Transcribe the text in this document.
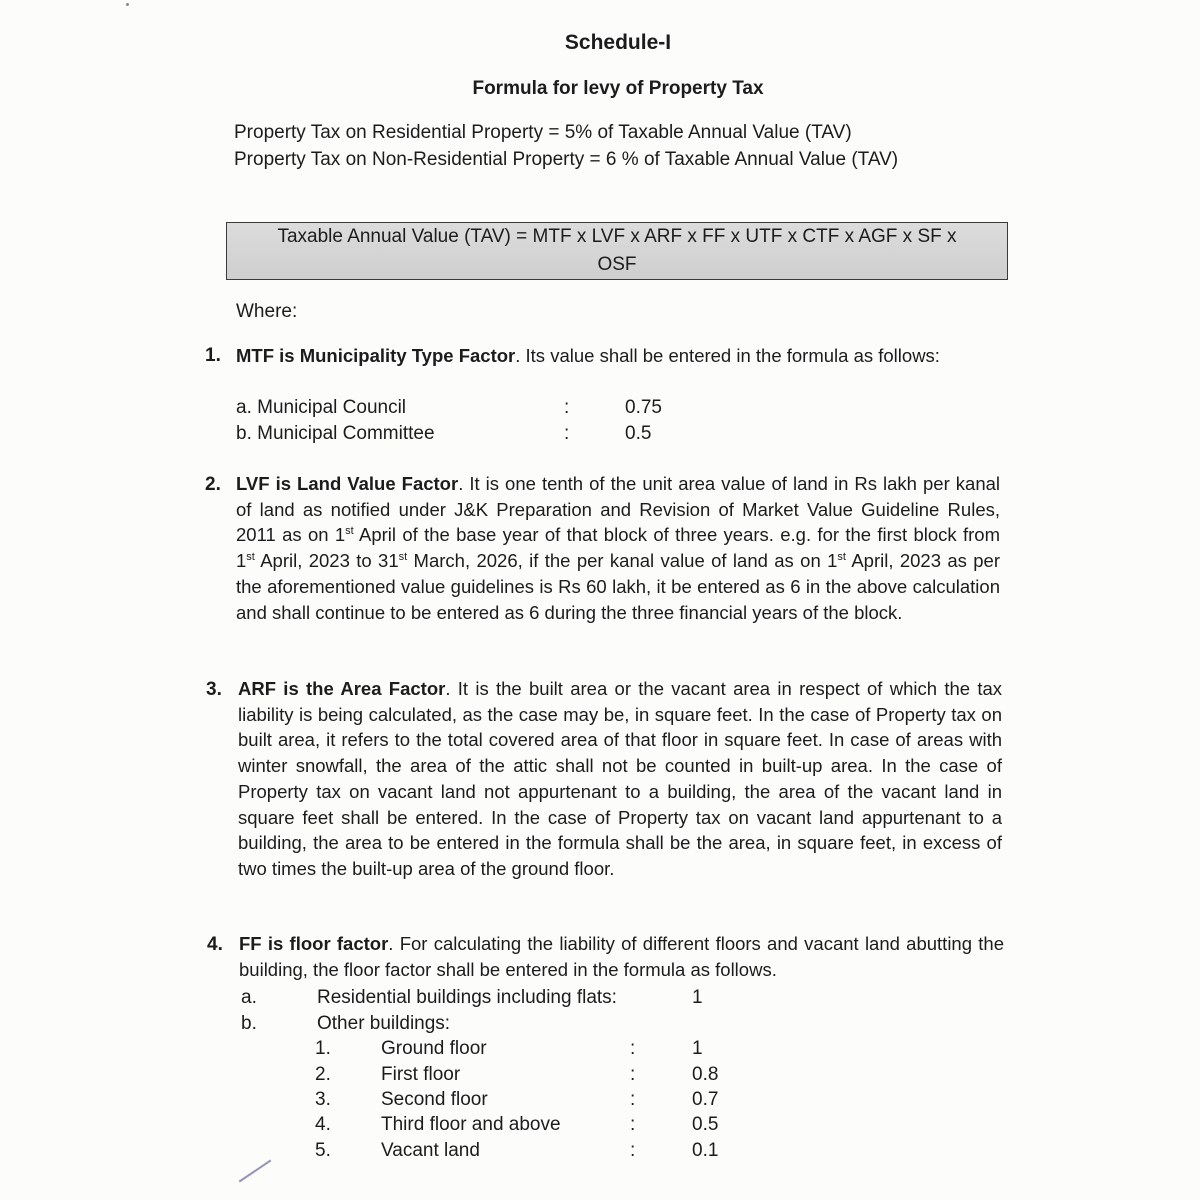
Schedule-I
Formula for levy of Property Tax
Property Tax on Residential Property = 5% of Taxable Annual Value (TAV)
Property Tax on Non-Residential Property = 6 % of Taxable Annual Value (TAV)
Taxable Annual Value (TAV) = MTF x LVF x ARF x FF x UTF x CTF x AGF x SF x
OSF
Where:
1. MTF is Municipality Type Factor. Its value shall be entered in the formula as follows:
a. Municipal Council	:	0.75
b. Municipal Committee	:	0.5
2. LVF is Land Value Factor. It is one tenth of the unit area value of land in Rs lakh per kanal of land as notified under J&K Preparation and Revision of Market Value Guideline Rules, 2011 as on 1st April of the base year of that block of three years. e.g. for the first block from 1st April, 2023 to 31st March, 2026, if the per kanal value of land as on 1st April, 2023 as per the aforementioned value guidelines is Rs 60 lakh, it be entered as 6 in the above calculation and shall continue to be entered as 6 during the three financial years of the block.
3. ARF is the Area Factor. It is the built area or the vacant area in respect of which the tax liability is being calculated, as the case may be, in square feet. In the case of Property tax on built area, it refers to the total covered area of that floor in square feet. In case of areas with winter snowfall, the area of the attic shall not be counted in built-up area. In the case of Property tax on vacant land not appurtenant to a building, the area of the vacant land in square feet shall be entered. In the case of Property tax on vacant land appurtenant to a building, the area to be entered in the formula shall be the area, in square feet, in excess of two times the built-up area of the ground floor.
4. FF is floor factor. For calculating the liability of different floors and vacant land abutting the building, the floor factor shall be entered in the formula as follows.
a.	Residential buildings including flats:	1
b.	Other buildings:
1.	Ground floor	:	1
2.	First floor	:	0.8
3.	Second floor	:	0.7
4.	Third floor and above	:	0.5
5.	Vacant land	:	0.1
